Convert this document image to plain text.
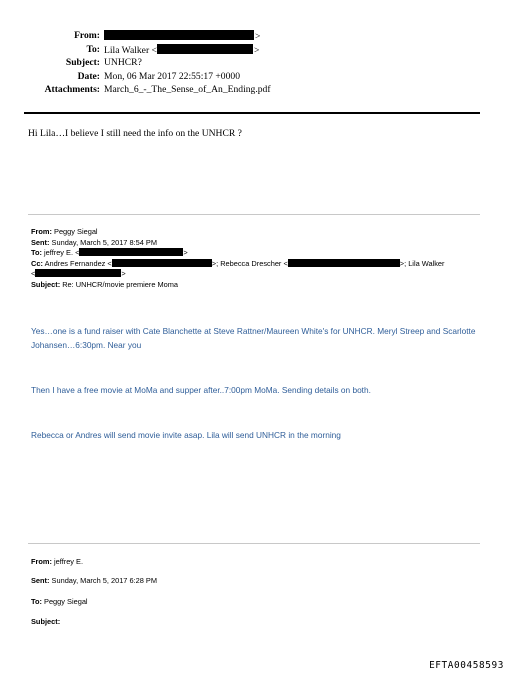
From:	>
To: Lila Walker <	>
Subject: UNHCR?
Date: Mon, 06 Mar 2017 22:55:17 +0000
Attachments: March_6_-_The_Sense_of_An_Ending.pdf
Hi Lila…I believe I still need the info on the UNHCR ?
From: Peggy Siegal
Sent: Sunday, March 5, 2017 8:54 PM
To: jeffrey E. <	>
Cc: Andres Fernandez <	>; Rebecca Drescher <	>; Lila Walker
<	>
Subject: Re: UNHCR/movie premiere Moma
Yes…one is a fund raiser with Cate Blanchette at Steve Rattner/Maureen White's for UNHCR. Meryl Streep and Scarlotte Johansen…6:30pm. Near you
Then I have a free movie at MoMa and supper after..7:00pm MoMa. Sending details on both.
Rebecca or Andres will send movie invite asap. Lila will send UNHCR in the morning
From: jeffrey E.
Sent: Sunday, March 5, 2017 6:28 PM
To: Peggy Siegal
Subject:
EFTA00458593
